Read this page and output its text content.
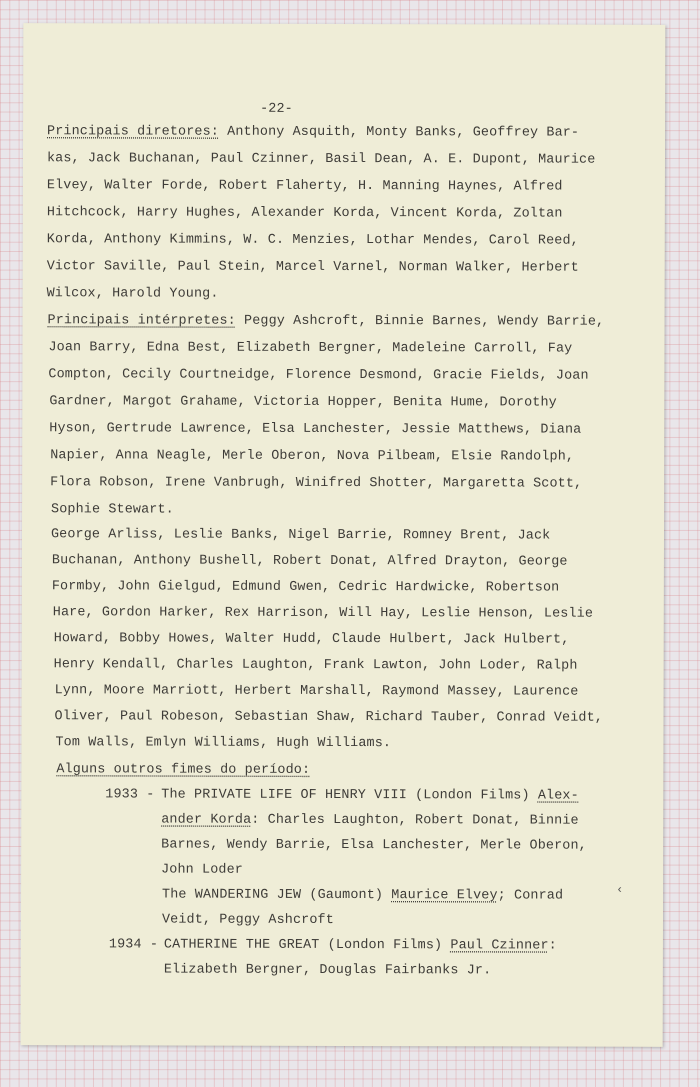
-22-
Principais diretores: Anthony Asquith, Monty Banks, Geoffrey Bar-
kas, Jack Buchanan, Paul Czinner, Basil Dean, A. E. Dupont, Maurice
Elvey, Walter Forde, Robert Flaherty, H. Manning Haynes, Alfred
Hitchcock, Harry Hughes, Alexander Korda, Vincent Korda, Zoltan
Korda, Anthony Kimmins, W. C. Menzies, Lothar Mendes, Carol Reed,
Victor Saville, Paul Stein, Marcel Varnel, Norman Walker, Herbert
Wilcox, Harold Young.
Principais intérpretes: Peggy Ashcroft, Binnie Barnes, Wendy Barrie,
Joan Barry, Edna Best, Elizabeth Bergner, Madeleine Carroll, Fay
Compton, Cecily Courtneidge, Florence Desmond, Gracie Fields, Joan
Gardner, Margot Grahame, Victoria Hopper, Benita Hume, Dorothy
Hyson, Gertrude Lawrence, Elsa Lanchester, Jessie Matthews, Diana
Napier, Anna Neagle, Merle Oberon, Nova Pilbeam, Elsie Randolph,
Flora Robson, Irene Vanbrugh, Winifred Shotter, Margaretta Scott,
Sophie Stewart.
George Arliss, Leslie Banks, Nigel Barrie, Romney Brent, Jack
Buchanan, Anthony Bushell, Robert Donat, Alfred Drayton, George
Formby, John Gielgud, Edmund Gwen, Cedric Hardwicke, Robertson
Hare, Gordon Harker, Rex Harrison, Will Hay, Leslie Henson, Leslie
Howard, Bobby Howes, Walter Hudd, Claude Hulbert, Jack Hulbert,
Henry Kendall, Charles Laughton, Frank Lawton, John Loder, Ralph
Lynn, Moore Marriott, Herbert Marshall, Raymond Massey, Laurence
Oliver, Paul Robeson, Sebastian Shaw, Richard Tauber, Conrad Veidt,
Tom Walls, Emlyn Williams, Hugh Williams.
Alguns outros fimes do período:
1933 - The PRIVATE LIFE OF HENRY VIII (London Films) Alex-
ander Korda: Charles Laughton, Robert Donat, Binnie
Barnes, Wendy Barrie, Elsa Lanchester, Merle Oberon,
John Loder
The WANDERING JEW (Gaumont) Maurice Elvey; Conrad
Veidt, Peggy Ashcroft
1934 - CATHERINE THE GREAT (London Films) Paul Czinner:
Elizabeth Bergner, Douglas Fairbanks Jr.
‹
